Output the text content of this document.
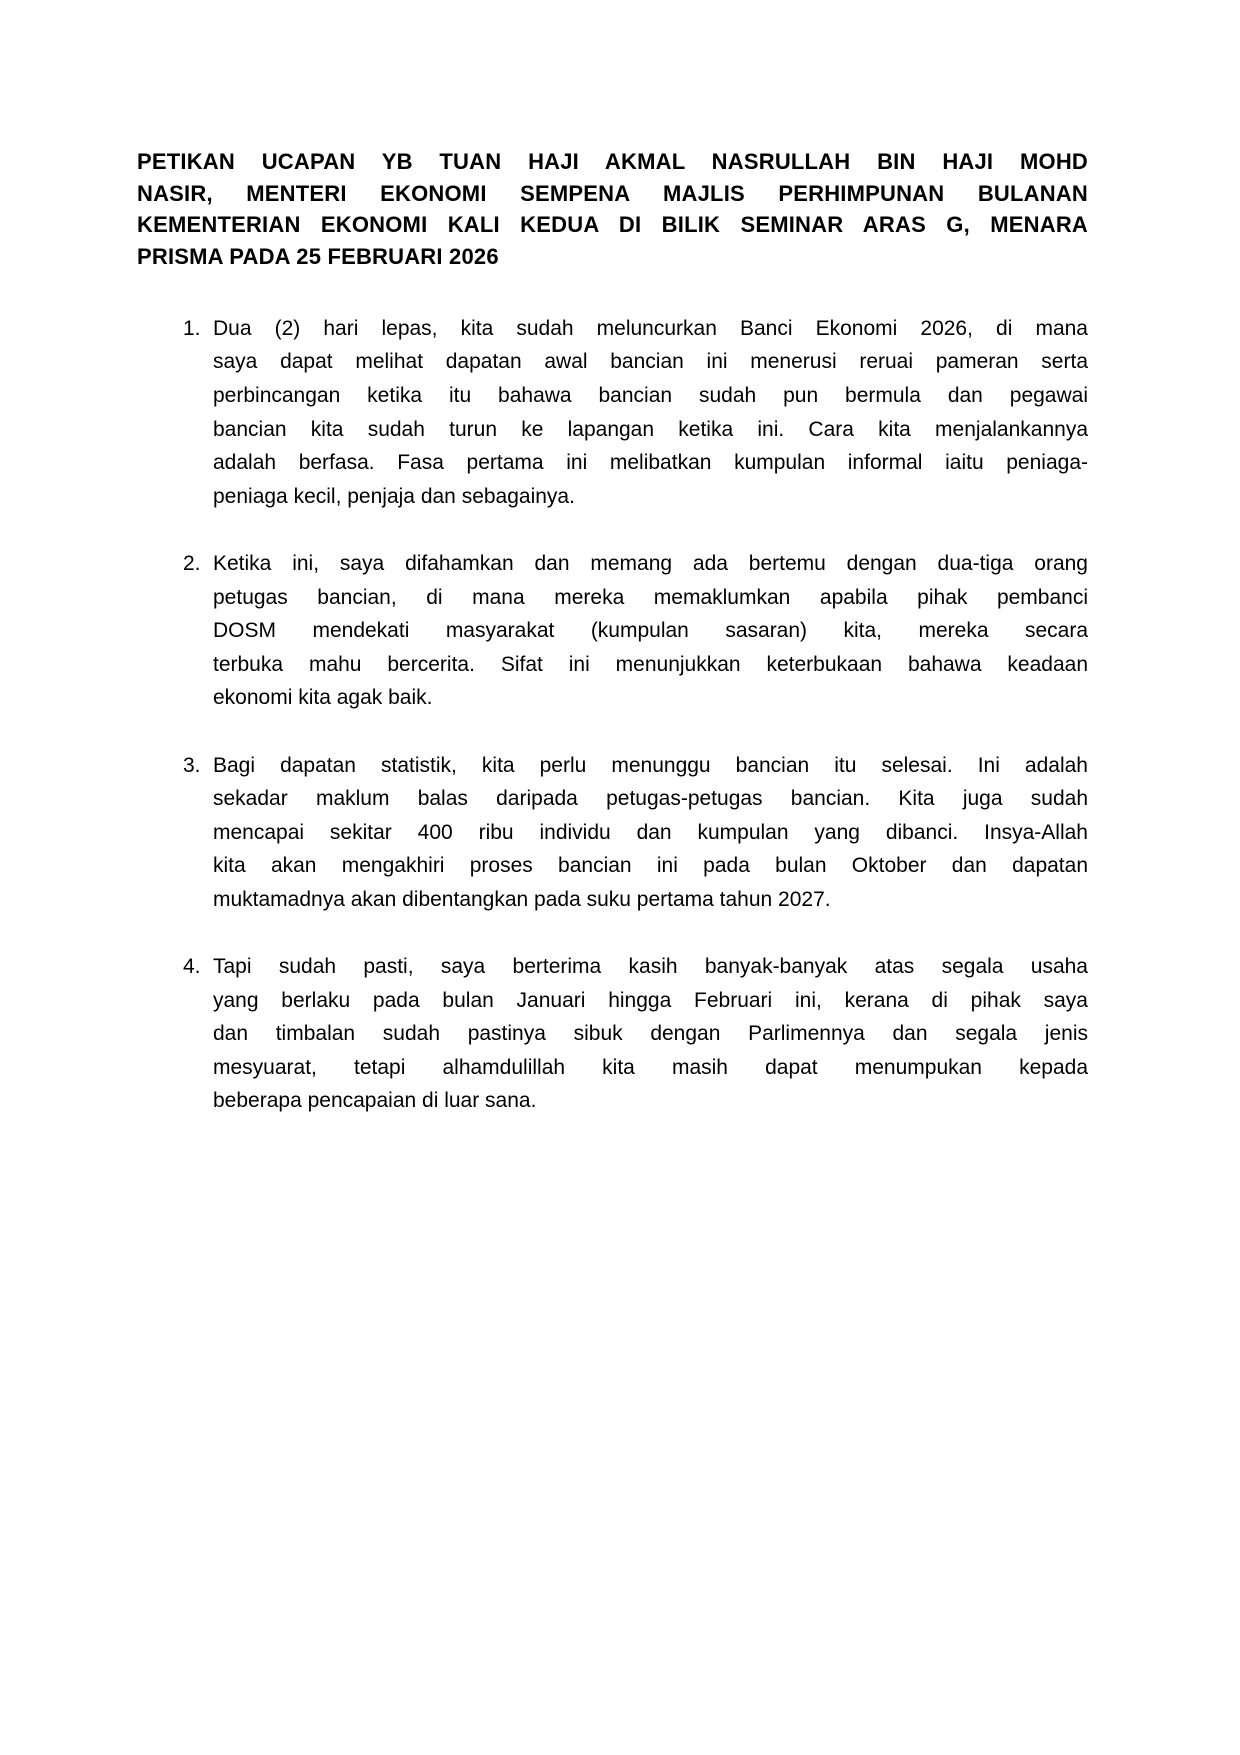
PETIKAN UCAPAN YB TUAN HAJI AKMAL NASRULLAH BIN HAJI MOHD
NASIR, MENTERI EKONOMI SEMPENA MAJLIS PERHIMPUNAN BULANAN
KEMENTERIAN EKONOMI KALI KEDUA DI BILIK SEMINAR ARAS G, MENARA
PRISMA PADA 25 FEBRUARI 2026
1. Dua (2) hari lepas, kita sudah meluncurkan Banci Ekonomi 2026, di mana
saya dapat melihat dapatan awal bancian ini menerusi reruai pameran serta
perbincangan ketika itu bahawa bancian sudah pun bermula dan pegawai
bancian kita sudah turun ke lapangan ketika ini. Cara kita menjalankannya
adalah berfasa. Fasa pertama ini melibatkan kumpulan informal iaitu peniaga-
peniaga kecil, penjaja dan sebagainya.
2. Ketika ini, saya difahamkan dan memang ada bertemu dengan dua-tiga orang
petugas bancian, di mana mereka memaklumkan apabila pihak pembanci
DOSM mendekati masyarakat (kumpulan sasaran) kita, mereka secara
terbuka mahu bercerita. Sifat ini menunjukkan keterbukaan bahawa keadaan
ekonomi kita agak baik.
3. Bagi dapatan statistik, kita perlu menunggu bancian itu selesai. Ini adalah
sekadar maklum balas daripada petugas-petugas bancian. Kita juga sudah
mencapai sekitar 400 ribu individu dan kumpulan yang dibanci. Insya-Allah
kita akan mengakhiri proses bancian ini pada bulan Oktober dan dapatan
muktamadnya akan dibentangkan pada suku pertama tahun 2027.
4. Tapi sudah pasti, saya berterima kasih banyak-banyak atas segala usaha
yang berlaku pada bulan Januari hingga Februari ini, kerana di pihak saya
dan timbalan sudah pastinya sibuk dengan Parlimennya dan segala jenis
mesyuarat, tetapi alhamdulillah kita masih dapat menumpukan kepada
beberapa pencapaian di luar sana.
